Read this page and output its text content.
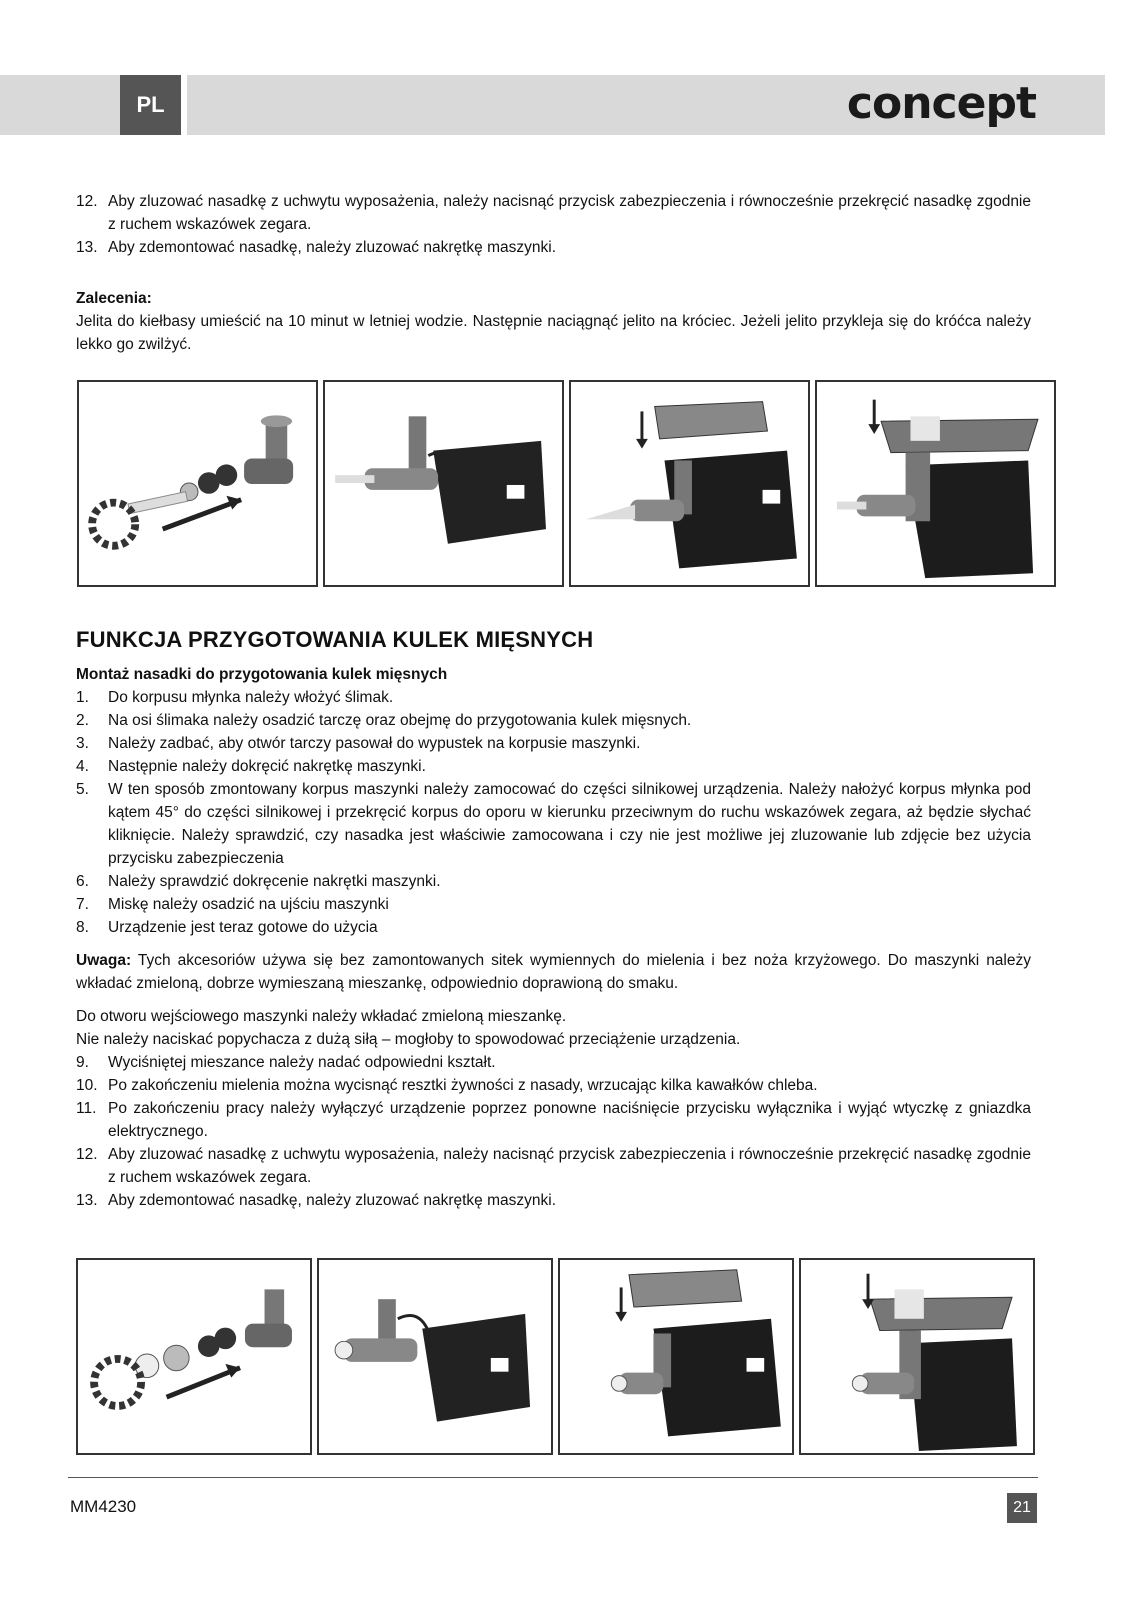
PL	concept
12. Aby zluzować nasadkę z uchwytu wyposażenia, należy nacisnąć przycisk zabezpieczenia i równocześnie przekręcić nasadkę zgodnie z ruchem wskazówek zegara.
13. Aby zdemontować nasadkę, należy zluzować nakrętkę maszynki.
Zalecenia:
Jelita do kiełbasy umieścić na 10 minut w letniej wodzie. Następnie naciągnąć jelito na króciec. Jeżeli jelito przykleja się do króćca należy lekko go zwilżyć.
FUNKCJA PRZYGOTOWANIA KULEK MIĘSNYCH
Montaż nasadki do przygotowania kulek mięsnych
1.	Do korpusu młynka należy włożyć ślimak.
2.	Na osi ślimaka należy osadzić tarczę oraz obejmę do przygotowania kulek mięsnych.
3.	Należy zadbać, aby otwór tarczy pasował do wypustek na korpusie maszynki.
4.	Następnie należy dokręcić nakrętkę maszynki.
5.	W ten sposób zmontowany korpus maszynki należy zamocować do części silnikowej urządzenia. Należy nałożyć korpus młynka pod kątem 45° do części silnikowej i przekręcić korpus do oporu w kierunku przeciwnym do ruchu wskazówek zegara, aż będzie słychać kliknięcie. Należy sprawdzić, czy nasadka jest właściwie zamocowana i czy nie jest możliwe jej zluzowanie lub zdjęcie bez użycia przycisku zabezpieczenia
6.	Należy sprawdzić dokręcenie nakrętki maszynki.
7.	Miskę należy osadzić na ujściu maszynki
8.	Urządzenie jest teraz gotowe do użycia
Uwaga: Tych akcesoriów używa się bez zamontowanych sitek wymiennych do mielenia i bez noża krzyżowego. Do maszynki należy wkładać zmieloną, dobrze wymieszaną mieszankę, odpowiednio doprawioną do smaku.
Do otworu wejściowego maszynki należy wkładać zmieloną mieszankę.
Nie należy naciskać popychacza z dużą siłą – mogłoby to spowodować przeciążenie urządzenia.
9.	Wyciśniętej mieszance należy nadać odpowiedni kształt.
10. Po zakończeniu mielenia można wycisnąć resztki żywności z nasady, wrzucając kilka kawałków chleba.
11. Po zakończeniu pracy należy wyłączyć urządzenie poprzez ponowne naciśnięcie przycisku wyłącznika i wyjąć wtyczkę z gniazdka elektrycznego.
12. Aby zluzować nasadkę z uchwytu wyposażenia, należy nacisnąć przycisk zabezpieczenia i równocześnie przekręcić nasadkę zgodnie z ruchem wskazówek zegara.
13. Aby zdemontować nasadkę, należy zluzować nakrętkę maszynki.
MM4230	21
